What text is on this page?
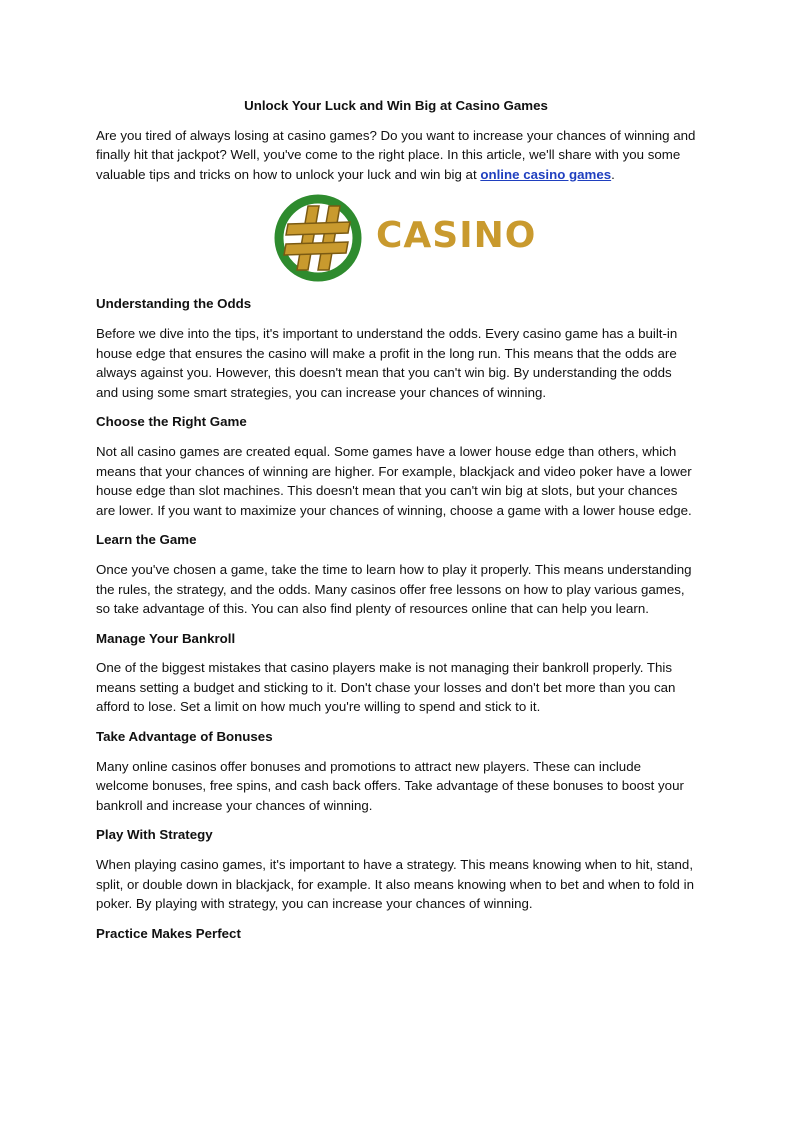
Unlock Your Luck and Win Big at Casino Games

Are you tired of always losing at casino games? Do you want to increase your chances of winning and finally hit that jackpot? Well, you've come to the right place. In this article, we'll share with you some valuable tips and tricks on how to unlock your luck and win big at online casino games.

CASINO
Understanding the Odds

Before we dive into the tips, it's important to understand the odds. Every casino game has a built-in house edge that ensures the casino will make a profit in the long run. This means that the odds are always against you. However, this doesn't mean that you can't win big. By understanding the odds and using some smart strategies, you can increase your chances of winning.

Choose the Right Game

Not all casino games are created equal. Some games have a lower house edge than others, which means that your chances of winning are higher. For example, blackjack and video poker have a lower house edge than slot machines. This doesn't mean that you can't win big at slots, but your chances are lower. If you want to maximize your chances of winning, choose a game with a lower house edge.

Learn the Game

Once you've chosen a game, take the time to learn how to play it properly. This means understanding the rules, the strategy, and the odds. Many casinos offer free lessons on how to play various games, so take advantage of this. You can also find plenty of resources online that can help you learn.

Manage Your Bankroll

One of the biggest mistakes that casino players make is not managing their bankroll properly. This means setting a budget and sticking to it. Don't chase your losses and don't bet more than you can afford to lose. Set a limit on how much you're willing to spend and stick to it.

Take Advantage of Bonuses

Many online casinos offer bonuses and promotions to attract new players. These can include welcome bonuses, free spins, and cash back offers. Take advantage of these bonuses to boost your bankroll and increase your chances of winning.

Play With Strategy

When playing casino games, it's important to have a strategy. This means knowing when to hit, stand, split, or double down in blackjack, for example. It also means knowing when to bet and when to fold in poker. By playing with strategy, you can increase your chances of winning.

Practice Makes Perfect
